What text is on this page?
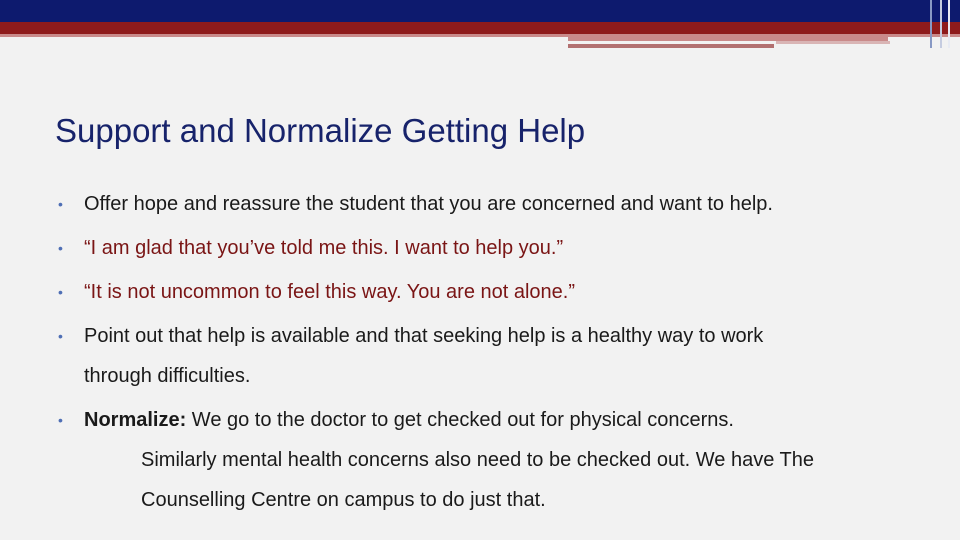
Support and Normalize Getting Help
• Offer hope and reassure the student that you are concerned and want to help.
• “I am glad that you’ve told me this. I want to help you.”
• “It is not uncommon to feel this way. You are not alone.”
• Point out that help is available and that seeking help is a healthy way to work
through difficulties.
• Normalize: We go to the doctor to get checked out for physical concerns.
Similarly mental health concerns also need to be checked out. We have The
Counselling Centre on campus to do just that.
